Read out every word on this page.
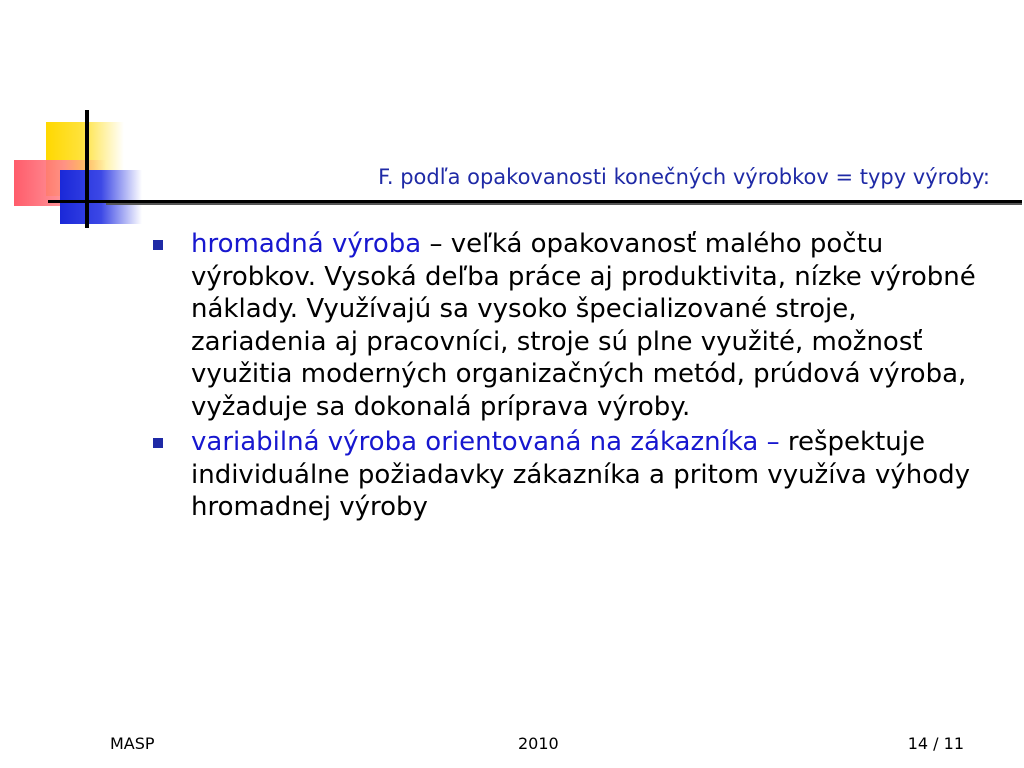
F. podľa opakovanosti konečných výrobkov = typy výroby:
hromadná výroba – veľká opakovanosť malého počtu výrobkov. Vysoká deľba práce aj produktivita, nízke výrobné náklady. Využívajú sa vysoko špecializované stroje, zariadenia aj pracovníci, stroje sú plne využité, možnosť využitia moderných organizačných metód, prúdová výroba, vyžaduje sa dokonalá príprava výroby.
variabilná výroba orientovaná na zákazníka – rešpektuje individuálne požiadavky zákazníka a pritom využíva výhody hromadnej výroby
MASP	2010	14 / 11
